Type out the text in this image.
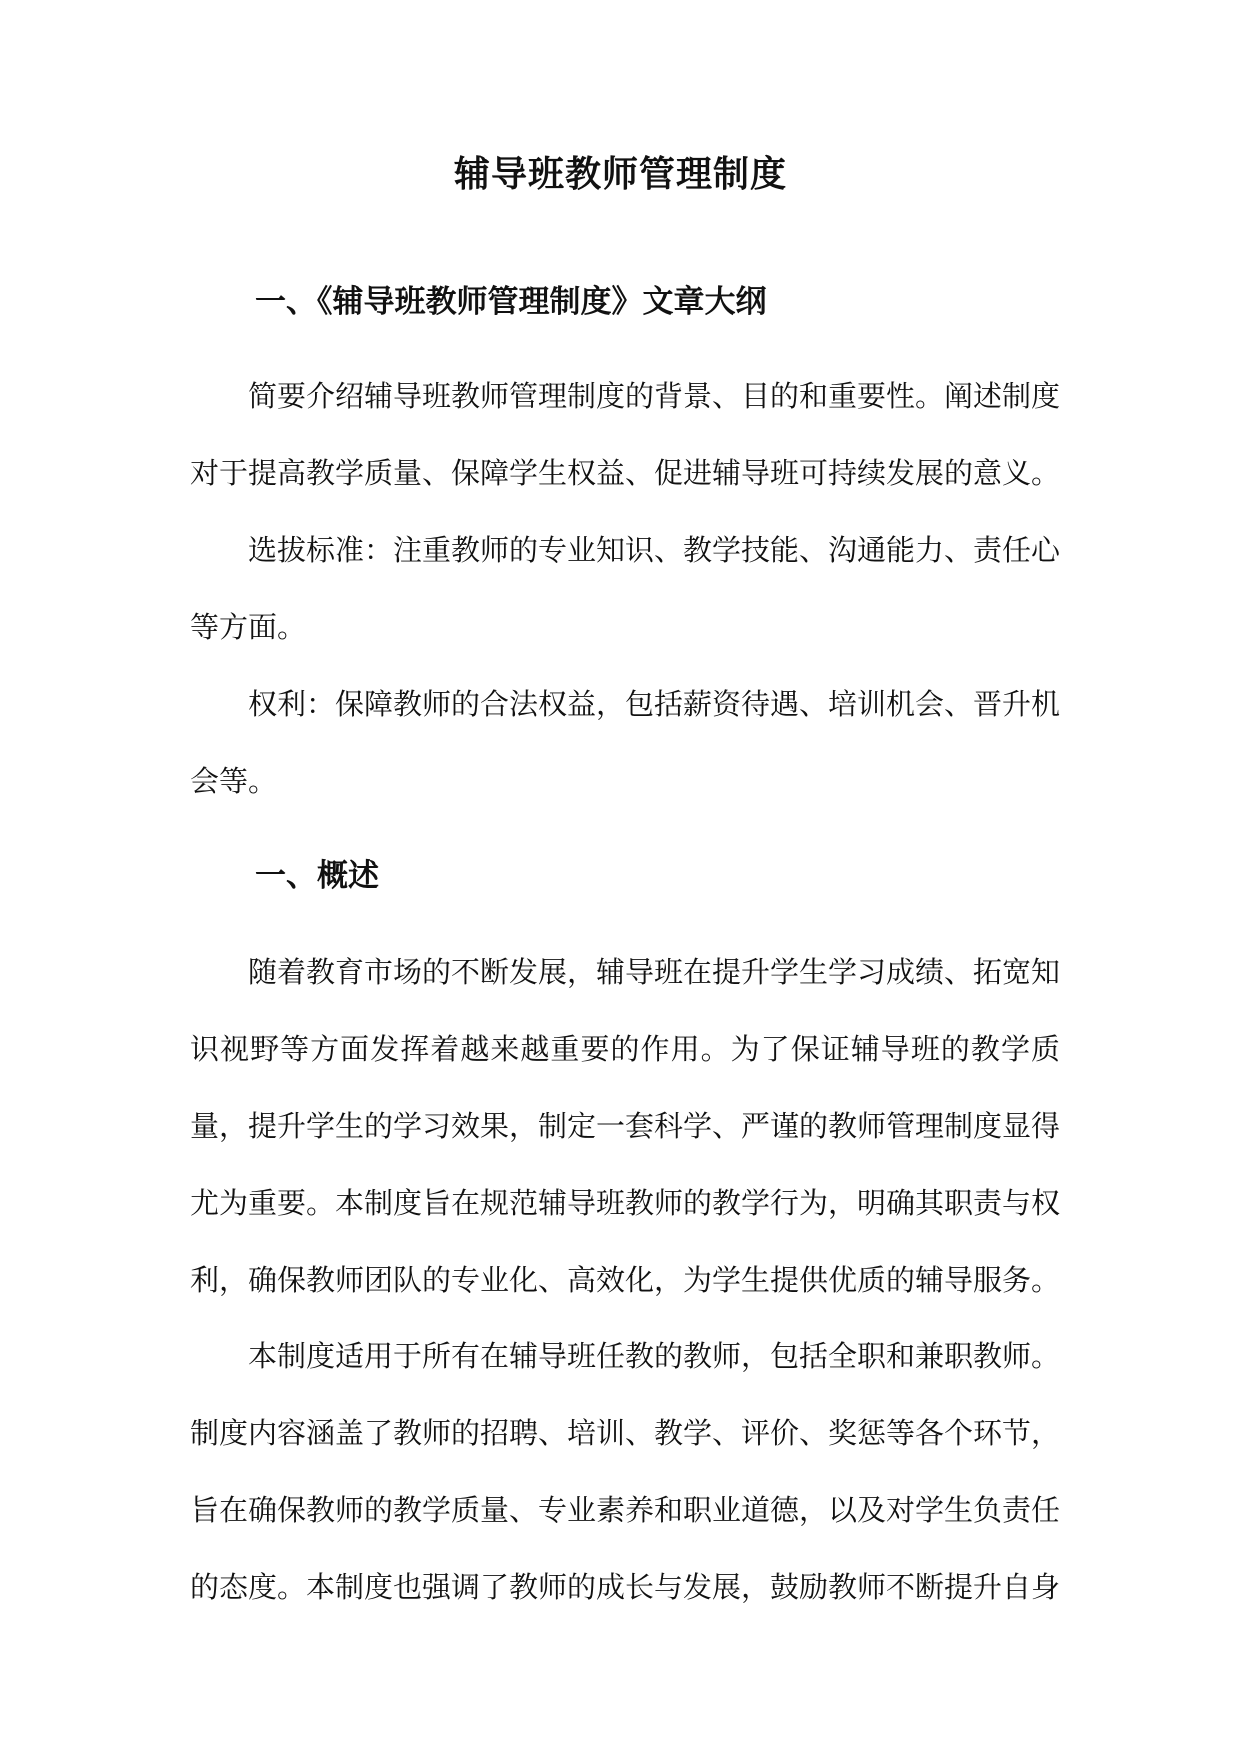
辅导班教师管理制度
一、《辅导班教师管理制度》文章大纲

简要介绍辅导班教师管理制度的背景、目的和重要性。阐述制度对于提高教学质量、保障学生权益、促进辅导班可持续发展的意义。

选拔标准：注重教师的专业知识、教学技能、沟通能力、责任心等方面。

权利：保障教师的合法权益，包括薪资待遇、培训机会、晋升机会等。

一、概述

随着教育市场的不断发展，辅导班在提升学生学习成绩、拓宽知识视野等方面发挥着越来越重要的作用。为了保证辅导班的教学质量，提升学生的学习效果，制定一套科学、严谨的教师管理制度显得尤为重要。本制度旨在规范辅导班教师的教学行为，明确其职责与权利，确保教师团队的专业化、高效化，为学生提供优质的辅导服务。

本制度适用于所有在辅导班任教的教师，包括全职和兼职教师。制度内容涵盖了教师的招聘、培训、教学、评价、奖惩等各个环节，旨在确保教师的教学质量、专业素养和职业道德，以及对学生负责任的态度。本制度也强调了教师的成长与发展，鼓励教师不断提升自身
